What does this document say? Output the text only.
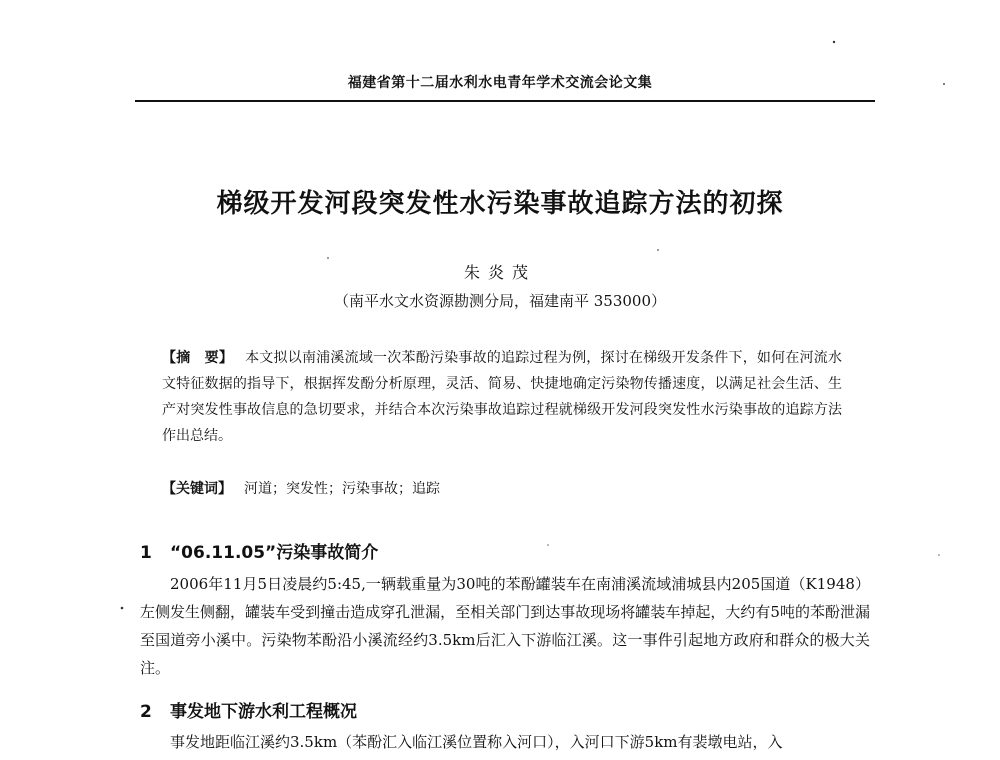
福建省第十二届水利水电青年学术交流会论文集
梯级开发河段突发性水污染事故追踪方法的初探
朱炎茂
（南平水文水资源勘测分局，福建南平 353000）
【摘　要】 本文拟以南浦溪流域一次苯酚污染事故的追踪过程为例，探讨在梯级开发条件下，如何在河流水文特征数据的指导下，根据挥发酚分析原理，灵活、简易、快捷地确定污染物传播速度，以满足社会生活、生产对突发性事故信息的急切要求，并结合本次污染事故追踪过程就梯级开发河段突发性水污染事故的追踪方法作出总结。
【关键词】 河道；突发性；污染事故；追踪
1 “06.11.05”污染事故简介
2006年11月5日凌晨约5:45,一辆载重量为30吨的苯酚罐装车在南浦溪流域浦城县内205国道（K1948）左侧发生侧翻，罐装车受到撞击造成穿孔泄漏，至相关部门到达事故现场将罐装车掉起，大约有5吨的苯酚泄漏至国道旁小溪中。污染物苯酚沿小溪流经约3.5km后汇入下游临江溪。这一事件引起地方政府和群众的极大关注。
2 事发地下游水利工程概况
事发地距临江溪约3.5km（苯酚汇入临江溪位置称入河口），入河口下游5km有裴墩电站，入
